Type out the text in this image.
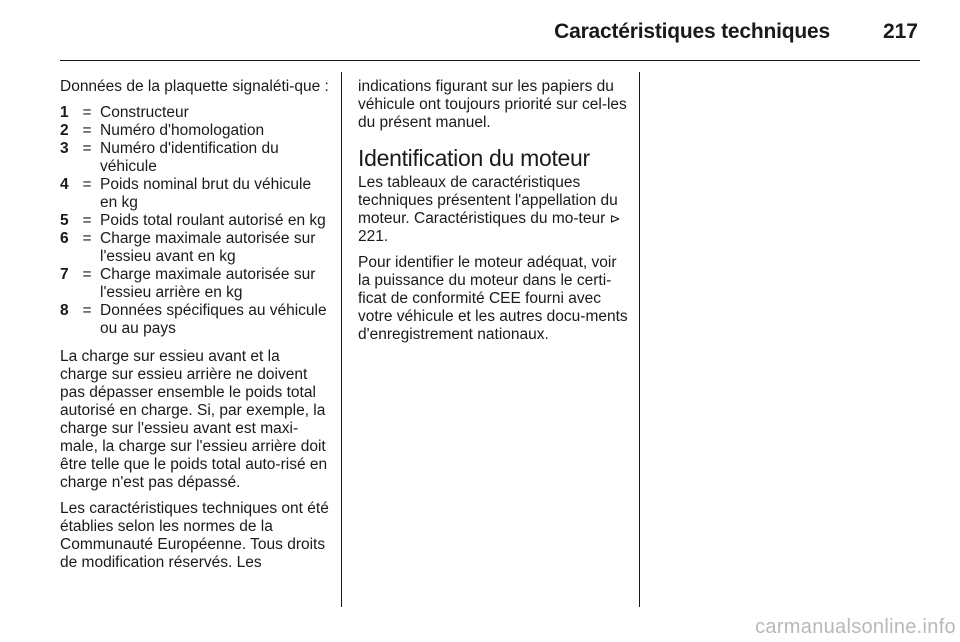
Caractéristiques techniques	217

Données de la plaquette signaléti-que :

1 = Constructeur
2 = Numéro d'homologation
3 = Numéro d'identification du véhicule
4 = Poids nominal brut du véhicule en kg
5 = Poids total roulant autorisé en kg
6 = Charge maximale autorisée sur l'essieu avant en kg
7 = Charge maximale autorisée sur l'essieu arrière en kg
8 = Données spécifiques au véhicule ou au pays

La charge sur essieu avant et la charge sur essieu arrière ne doivent pas dépasser ensemble le poids total autorisé en charge. Si, par exemple, la charge sur l'essieu avant est maxi-male, la charge sur l'essieu arrière doit être telle que le poids total auto-risé en charge n'est pas dépassé.

Les caractéristiques techniques ont été établies selon les normes de la Communauté Européenne. Tous droits de modification réservés. Les

indications figurant sur les papiers du véhicule ont toujours priorité sur cel-les du présent manuel.

Identification du moteur

Les tableaux de caractéristiques techniques présentent l'appellation du moteur. Caractéristiques du mo-teur ⊳ 221.

Pour identifier le moteur adéquat, voir la puissance du moteur dans le certi-ficat de conformité CEE fourni avec votre véhicule et les autres docu-ments d'enregistrement nationaux.

carmanualsonline.info
